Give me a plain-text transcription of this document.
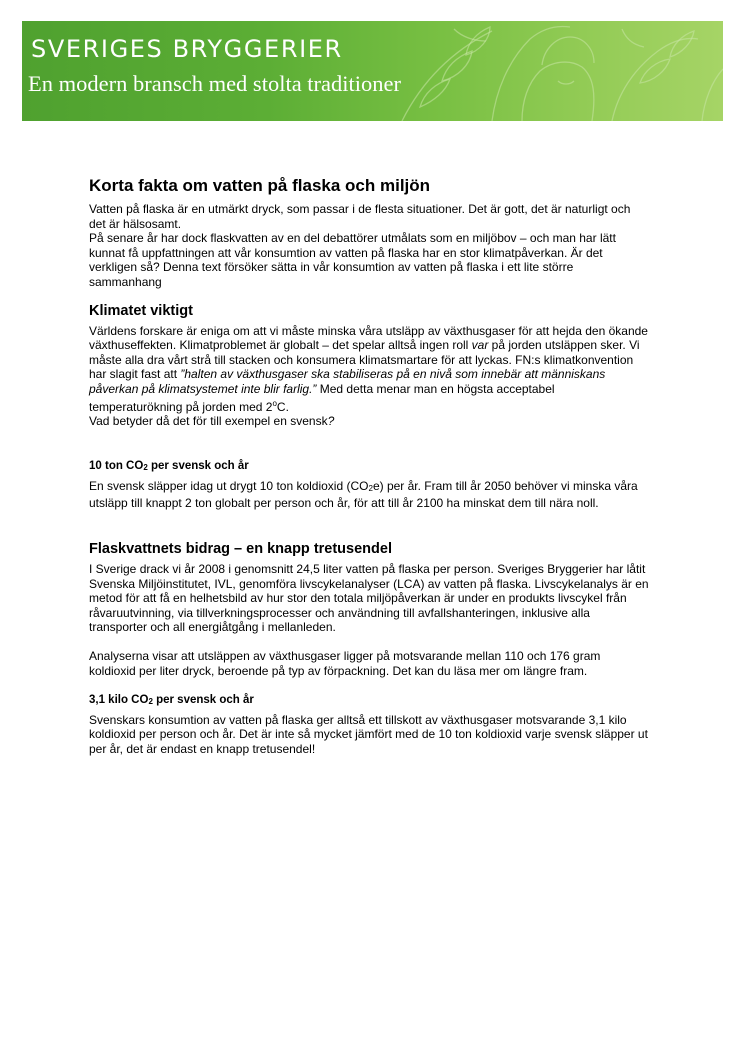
SVERIGES BRYGGERIER
En modern bransch med stolta traditioner
Korta fakta om vatten på flaska och miljön

Vatten på flaska är en utmärkt dryck, som passar i de flesta situationer. Det är gott, det är naturligt och det är hälsosamt.

På senare år har dock flaskvatten av en del debattörer utmålats som en miljöbov – och man har lätt kunnat få uppfattningen att vår konsumtion av vatten på flaska har en stor klimatpåverkan. Är det verkligen så? Denna text försöker sätta in vår konsumtion av vatten på flaska i ett lite större sammanhang

Klimatet viktigt

Världens forskare är eniga om att vi måste minska våra utsläpp av växthusgaser för att hejda den ökande växthuseffekten. Klimatproblemet är globalt – det spelar alltså ingen roll var på jorden utsläppen sker. Vi måste alla dra vårt strå till stacken och konsumera klimatsmartare för att lyckas. FN:s klimatkonvention har slagit fast att ”halten av växthusgaser ska stabiliseras på en nivå som innebär att människans påverkan på klimatsystemet inte blir farlig.” Med detta menar man en högsta acceptabel temperaturökning på jorden med 2$^o$C.

Vad betyder då det för till exempel en svensk?

10 ton $CO_2$ per svensk och år

En svensk släpper idag ut drygt 10 ton koldioxid $(CO_2e)$ per år. Fram till år 2050 behöver vi minska våra utsläpp till knappt 2 ton globalt per person och år, för att till år 2100 ha minskat dem till nära noll.

Flaskvattnets bidrag – en knapp tretusendel

I Sverige drack vi år 2008 i genomsnitt 24,5 liter vatten på flaska per person. Sveriges Bryggerier har låtit Svenska Miljöinstitutet, IVL, genomföra livscykelanalyser (LCA) av vatten på flaska. Livscykelanalys är en metod för att få en helhetsbild av hur stor den totala miljöpåverkan är under en produkts livscykel från råvaruutvinning, via tillverkningsprocesser och användning till avfallshanteringen, inklusive alla transporter och all energiåtgång i mellanleden.

Analyserna visar att utsläppen av växthusgaser ligger på motsvarande mellan 110 och 176 gram koldioxid per liter dryck, beroende på typ av förpackning. Det kan du läsa mer om längre fram.

3,1 kilo $CO_2$ per svensk och år

Svenskars konsumtion av vatten på flaska ger alltså ett tillskott av växthusgaser motsvarande 3,1 kilo koldioxid per person och år. Det är inte så mycket jämfört med de 10 ton koldioxid varje svensk släpper ut per år, det är endast en knapp tretusendel!
